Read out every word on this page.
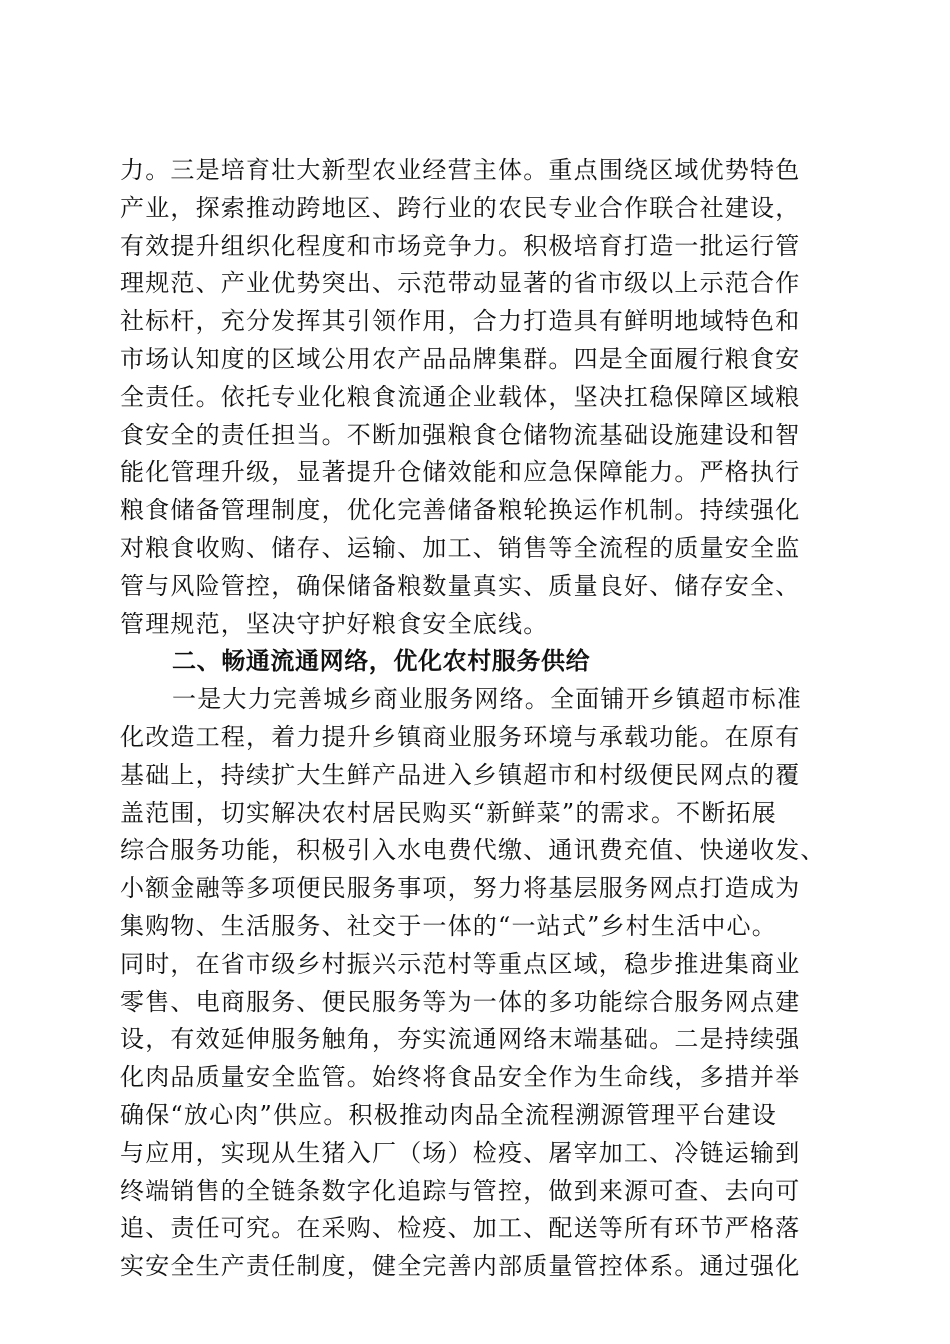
力。三是培育壮大新型农业经营主体。重点围绕区域优势特色
产业，探索推动跨地区、跨行业的农民专业合作联合社建设，
有效提升组织化程度和市场竞争力。积极培育打造一批运行管
理规范、产业优势突出、示范带动显著的省市级以上示范合作
社标杆，充分发挥其引领作用，合力打造具有鲜明地域特色和
市场认知度的区域公用农产品品牌集群。四是全面履行粮食安
全责任。依托专业化粮食流通企业载体，坚决扛稳保障区域粮
食安全的责任担当。不断加强粮食仓储物流基础设施建设和智
能化管理升级，显著提升仓储效能和应急保障能力。严格执行
粮食储备管理制度，优化完善储备粮轮换运作机制。持续强化
对粮食收购、储存、运输、加工、销售等全流程的质量安全监
管与风险管控，确保储备粮数量真实、质量良好、储存安全、
管理规范，坚决守护好粮食安全底线。
二、畅通流通网络，优化农村服务供给
一是大力完善城乡商业服务网络。全面铺开乡镇超市标准
化改造工程，着力提升乡镇商业服务环境与承载功能。在原有
基础上，持续扩大生鲜产品进入乡镇超市和村级便民网点的覆
盖范围，切实解决农村居民购买“新鲜菜”的需求。不断拓展
综合服务功能，积极引入水电费代缴、通讯费充值、快递收发、
小额金融等多项便民服务事项，努力将基层服务网点打造成为
集购物、生活服务、社交于一体的“一站式”乡村生活中心。
同时，在省市级乡村振兴示范村等重点区域，稳步推进集商业
零售、电商服务、便民服务等为一体的多功能综合服务网点建
设，有效延伸服务触角，夯实流通网络末端基础。二是持续强
化肉品质量安全监管。始终将食品安全作为生命线，多措并举
确保“放心肉”供应。积极推动肉品全流程溯源管理平台建设
与应用，实现从生猪入厂（场）检疫、屠宰加工、冷链运输到
终端销售的全链条数字化追踪与管控，做到来源可查、去向可
追、责任可究。在采购、检疫、加工、配送等所有环节严格落
实安全生产责任制度，健全完善内部质量管控体系。通过强化
